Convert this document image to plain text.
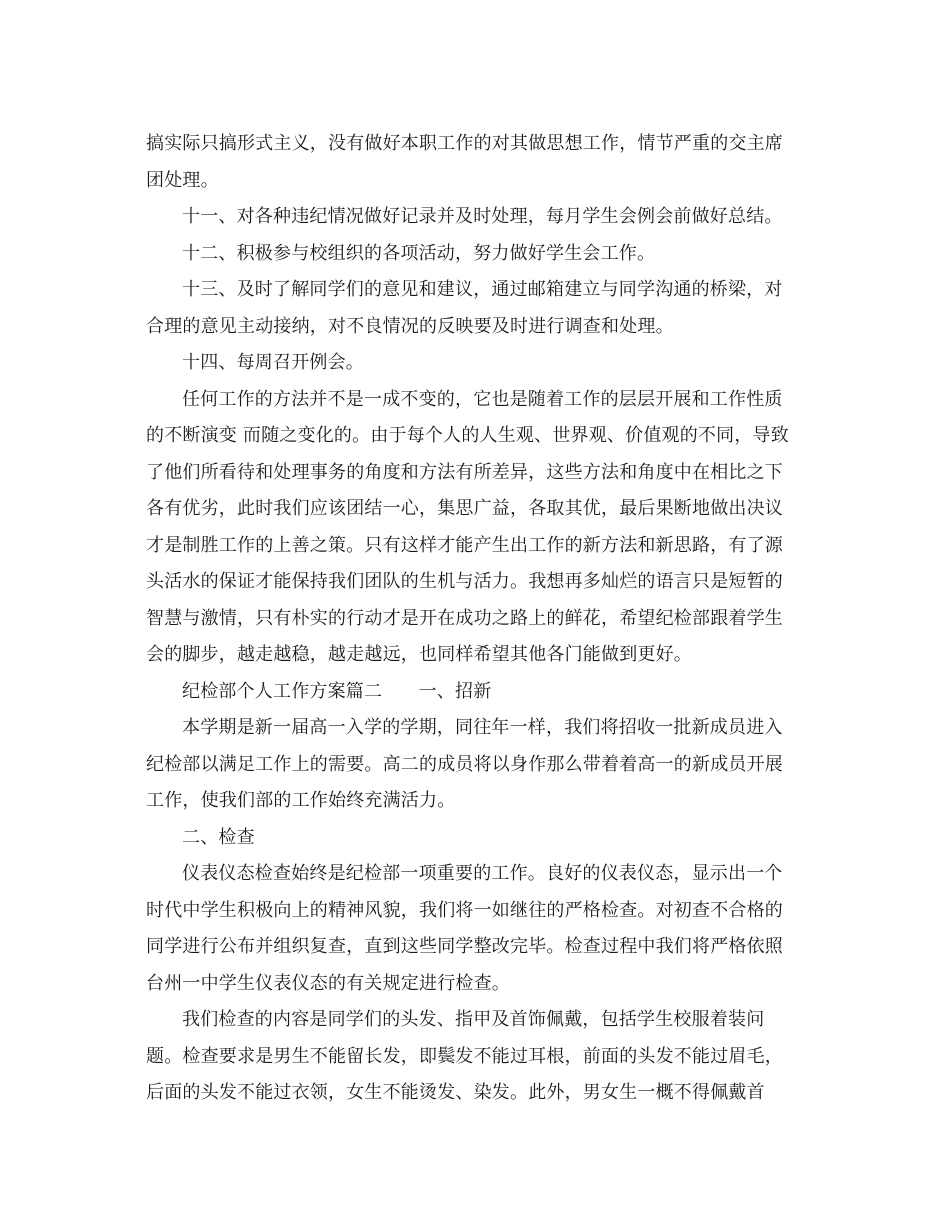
搞实际只搞形式主义，没有做好本职工作的对其做思想工作，情节严重的交主席
团处理。
十一、对各种违纪情况做好记录并及时处理，每月学生会例会前做好总结。
十二、积极参与校组织的各项活动，努力做好学生会工作。
十三、及时了解同学们的意见和建议，通过邮箱建立与同学沟通的桥梁，对
合理的意见主动接纳，对不良情况的反映要及时进行调查和处理。
十四、每周召开例会。
任何工作的方法并不是一成不变的，它也是随着工作的层层开展和工作性质
的不断演变 而随之变化的。由于每个人的人生观、世界观、价值观的不同，导致
了他们所看待和处理事务的角度和方法有所差异，这些方法和角度中在相比之下
各有优劣，此时我们应该团结一心，集思广益，各取其优，最后果断地做出决议
才是制胜工作的上善之策。只有这样才能产生出工作的新方法和新思路，有了源
头活水的保证才能保持我们团队的生机与活力。我想再多灿烂的语言只是短暂的
智慧与激情，只有朴实的行动才是开在成功之路上的鲜花，希望纪检部跟着学生
会的脚步，越走越稳，越走越远，也同样希望其他各门能做到更好。
纪检部个人工作方案篇二　　一、招新
本学期是新一届高一入学的学期，同往年一样，我们将招收一批新成员进入
纪检部以满足工作上的需要。高二的成员将以身作那么带着着高一的新成员开展
工作，使我们部的工作始终充满活力。
二、检查
仪表仪态检查始终是纪检部一项重要的工作。良好的仪表仪态，显示出一个
时代中学生积极向上的精神风貌，我们将一如继往的严格检查。对初查不合格的
同学进行公布并组织复查，直到这些同学整改完毕。检查过程中我们将严格依照
台州一中学生仪表仪态的有关规定进行检查。
我们检查的内容是同学们的头发、指甲及首饰佩戴，包括学生校服着装问
题。检查要求是男生不能留长发，即鬓发不能过耳根，前面的头发不能过眉毛，
后面的头发不能过衣领，女生不能烫发、染发。此外，男女生一概不得佩戴首
